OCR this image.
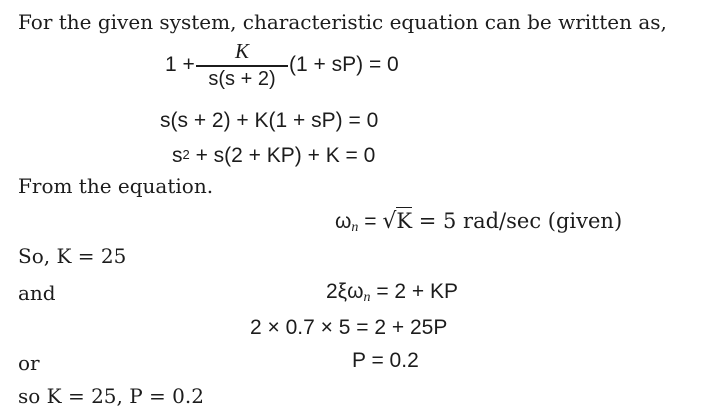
For the given system, characteristic equation can be written as,
1 +
K
s(s + 2)
(1 + sP) = 0
s(s + 2) + K(1 + sP) = 0
$s^2 + s(2 + KP) + K = 0$
From the equation.
$\omega_n = √K = 5$ rad/sec (given)
So, K = 25
and	$2\xi\omega_n = 2$ + KP
2 × 0.7 × 5 = 2 + 25P
or	P = 0.2
so K = 25, P = 0.2
